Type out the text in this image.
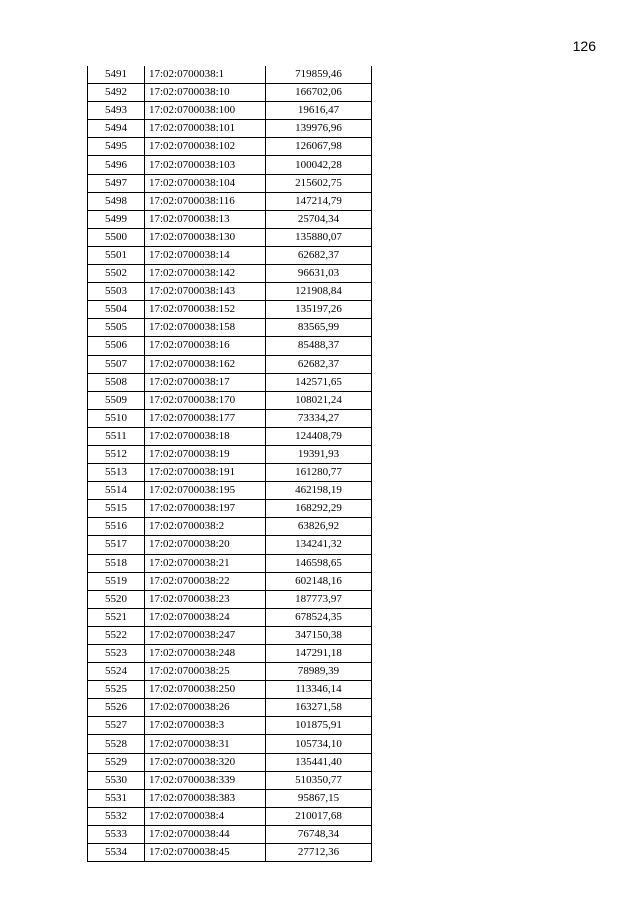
126
5491	17:02:0700038:1	719859,46
5492	17:02:0700038:10	166702,06
5493	17:02:0700038:100	19616,47
5494	17:02:0700038:101	139976,96
5495	17:02:0700038:102	126067,98
5496	17:02:0700038:103	100042,28
5497	17:02:0700038:104	215602,75
5498	17:02:0700038:116	147214,79
5499	17:02:0700038:13	25704,34
5500	17:02:0700038:130	135880,07
5501	17:02:0700038:14	62682,37
5502	17:02:0700038:142	96631,03
5503	17:02:0700038:143	121908,84
5504	17:02:0700038:152	135197,26
5505	17:02:0700038:158	83565,99
5506	17:02:0700038:16	85488,37
5507	17:02:0700038:162	62682,37
5508	17:02:0700038:17	142571,65
5509	17:02:0700038:170	108021,24
5510	17:02:0700038:177	73334,27
5511	17:02:0700038:18	124408,79
5512	17:02:0700038:19	19391,93
5513	17:02:0700038:191	161280,77
5514	17:02:0700038:195	462198,19
5515	17:02:0700038:197	168292,29
5516	17:02:0700038:2	63826,92
5517	17:02:0700038:20	134241,32
5518	17:02:0700038:21	146598,65
5519	17:02:0700038:22	602148,16
5520	17:02:0700038:23	187773,97
5521	17:02:0700038:24	678524,35
5522	17:02:0700038:247	347150,38
5523	17:02:0700038:248	147291,18
5524	17:02:0700038:25	78989,39
5525	17:02:0700038:250	113346,14
5526	17:02:0700038:26	163271,58
5527	17:02:0700038:3	101875,91
5528	17:02:0700038:31	105734,10
5529	17:02:0700038:320	135441,40
5530	17:02:0700038:339	510350,77
5531	17:02:0700038:383	95867,15
5532	17:02:0700038:4	210017,68
5533	17:02:0700038:44	76748,34
5534	17:02:0700038:45	27712,36
